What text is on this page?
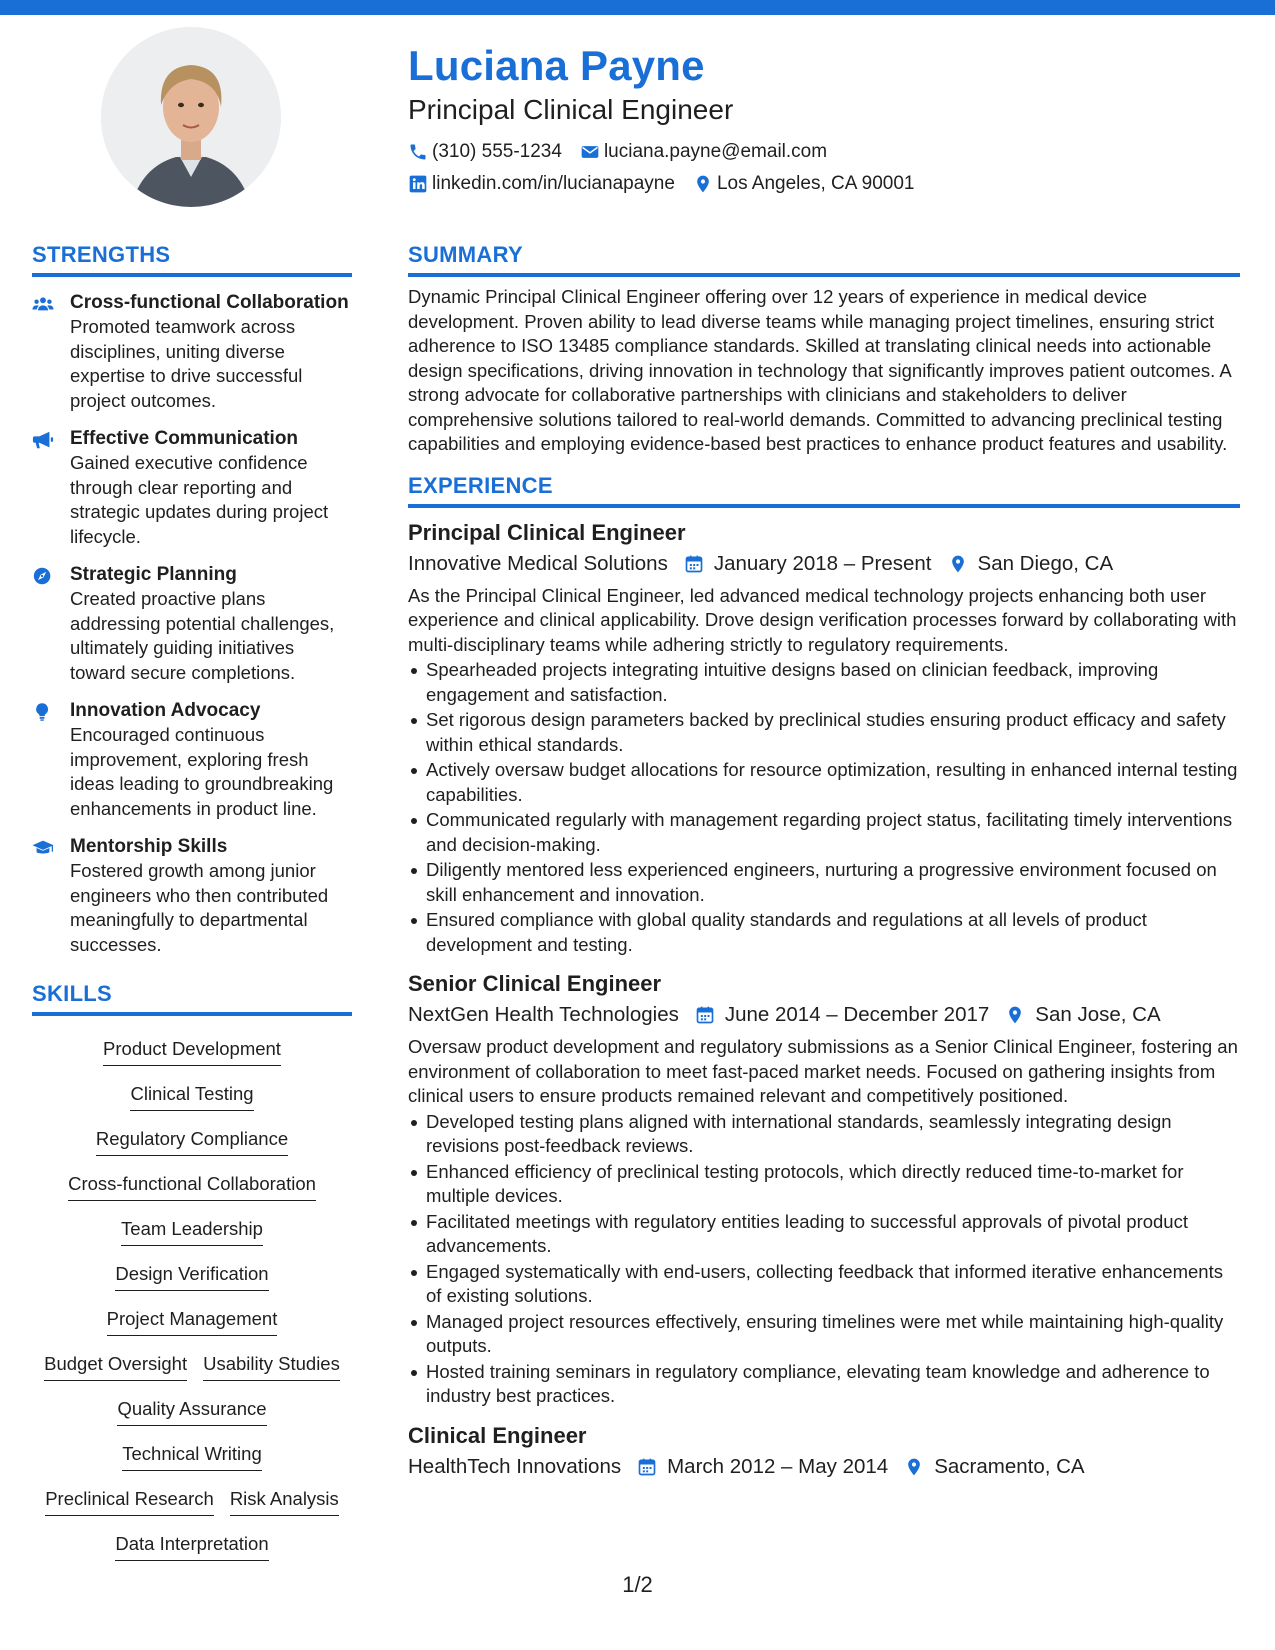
Luciana Payne
Principal Clinical Engineer
(310) 555-1234 luciana.payne@email.com
linkedin.com/in/lucianapayne Los Angeles, CA 90001
STRENGTHS
Cross-functional Collaboration
Promoted teamwork across disciplines, uniting diverse expertise to drive successful project outcomes.
Effective Communication
Gained executive confidence through clear reporting and strategic updates during project lifecycle.
Strategic Planning
Created proactive plans addressing potential challenges, ultimately guiding initiatives toward secure completions.
Innovation Advocacy
Encouraged continuous improvement, exploring fresh ideas leading to groundbreaking enhancements in product line.
Mentorship Skills
Fostered growth among junior engineers who then contributed meaningfully to departmental successes.
SKILLS
Product Development
Clinical Testing
Regulatory Compliance
Cross-functional Collaboration
Team Leadership
Design Verification
Project Management
Budget Oversight Usability Studies
Quality Assurance
Technical Writing
Preclinical Research Risk Analysis
Data Interpretation
SUMMARY
Dynamic Principal Clinical Engineer offering over 12 years of experience in medical device development. Proven ability to lead diverse teams while managing project timelines, ensuring strict adherence to ISO 13485 compliance standards. Skilled at translating clinical needs into actionable design specifications, driving innovation in technology that significantly improves patient outcomes. A strong advocate for collaborative partnerships with clinicians and stakeholders to deliver comprehensive solutions tailored to real-world demands. Committed to advancing preclinical testing capabilities and employing evidence-based best practices to enhance product features and usability.
EXPERIENCE
Principal Clinical Engineer
Innovative Medical Solutions January 2018 – Present San Diego, CA
As the Principal Clinical Engineer, led advanced medical technology projects enhancing both user experience and clinical applicability. Drove design verification processes forward by collaborating with multi-disciplinary teams while adhering strictly to regulatory requirements.
Spearheaded projects integrating intuitive designs based on clinician feedback, improving engagement and satisfaction.
Set rigorous design parameters backed by preclinical studies ensuring product efficacy and safety within ethical standards.
Actively oversaw budget allocations for resource optimization, resulting in enhanced internal testing capabilities.
Communicated regularly with management regarding project status, facilitating timely interventions and decision-making.
Diligently mentored less experienced engineers, nurturing a progressive environment focused on skill enhancement and innovation.
Ensured compliance with global quality standards and regulations at all levels of product development and testing.
Senior Clinical Engineer
NextGen Health Technologies June 2014 – December 2017 San Jose, CA
Oversaw product development and regulatory submissions as a Senior Clinical Engineer, fostering an environment of collaboration to meet fast-paced market needs. Focused on gathering insights from clinical users to ensure products remained relevant and competitively positioned.
Developed testing plans aligned with international standards, seamlessly integrating design revisions post-feedback reviews.
Enhanced efficiency of preclinical testing protocols, which directly reduced time-to-market for multiple devices.
Facilitated meetings with regulatory entities leading to successful approvals of pivotal product advancements.
Engaged systematically with end-users, collecting feedback that informed iterative enhancements of existing solutions.
Managed project resources effectively, ensuring timelines were met while maintaining high-quality outputs.
Hosted training seminars in regulatory compliance, elevating team knowledge and adherence to industry best practices.
Clinical Engineer
HealthTech Innovations March 2012 – May 2014 Sacramento, CA
1/2
